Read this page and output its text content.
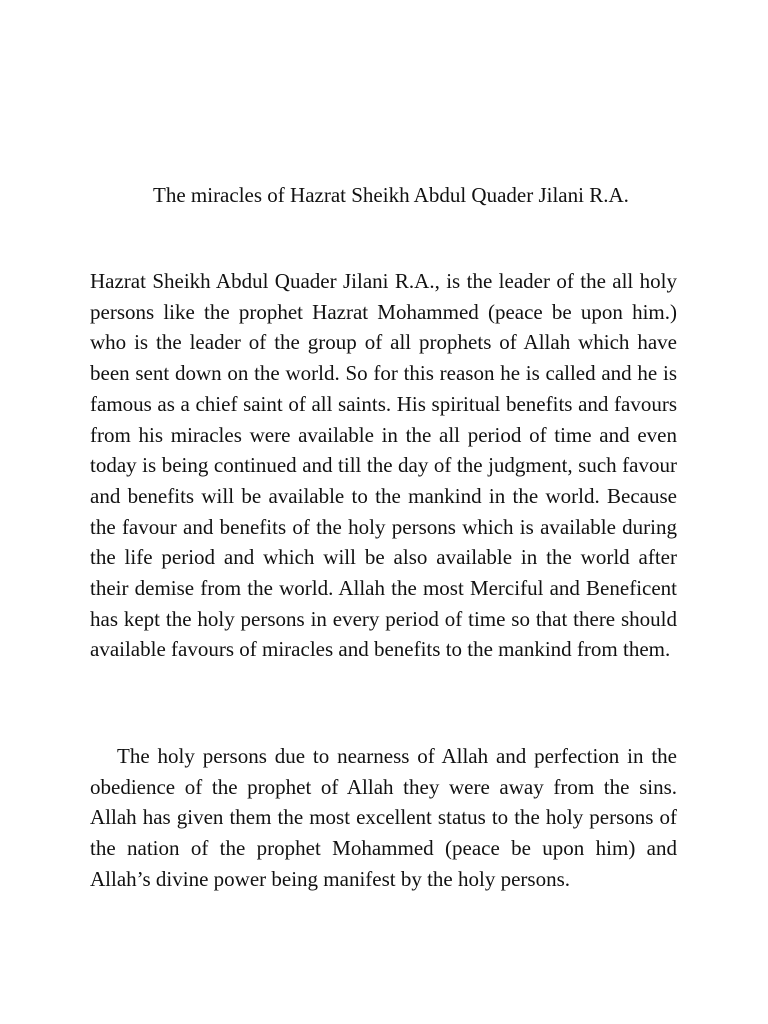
The miracles of Hazrat Sheikh Abdul Quader Jilani R.A.

Hazrat Sheikh Abdul Quader Jilani R.A., is the leader of the all holy persons like the prophet Hazrat Mohammed (peace be upon him.) who is the leader of the group of all prophets of Allah which have been sent down on the world. So for this reason he is called and he is famous as a chief saint of all saints. His spiritual benefits and favours from his miracles were available in the all period of time and even today is being continued and till the day of the judgment, such favour and benefits will be available to the mankind in the world. Because the favour and benefits of the holy persons which is available during the life period and which will be also available in the world after their demise from the world. Allah the most Merciful and Beneficent has kept the holy persons in every period of time so that there should available favours of miracles and benefits to the mankind from them.

The holy persons due to nearness of Allah and perfection in the obedience of the prophet of Allah they were away from the sins. Allah has given them the most excellent status to the holy persons of the nation of the prophet Mohammed (peace be upon him) and Allah’s divine power being manifest by the holy persons.
